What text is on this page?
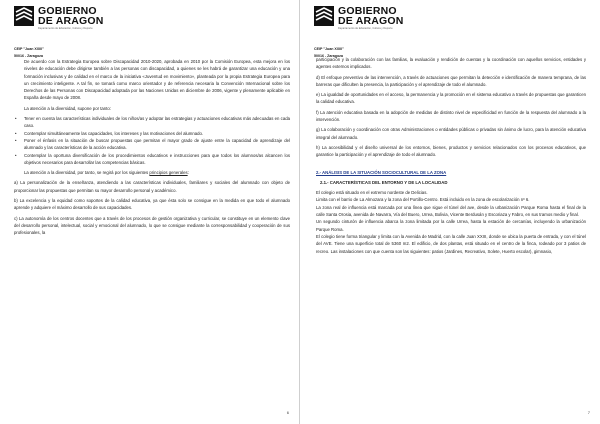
GOBIERNO
DE ARAGON
Departamento de Educación, Cultura y Deporte
CEIP "Juan XXIII"
50016 - Zaragoza

De acuerdo con la Estrategia Europea sobre Discapacidad 2010-2020, aprobada en 2010 por la Comisión Europea, esta mejora en los niveles de educación debe dirigirse también a las personas con discapacidad, a quienes se les habrá de garantizar una educación y una formación inclusivas y de calidad en el marco de la iniciativa «Juventud en movimiento», planteada por la propia Estrategia Europea para un crecimiento inteligente. A tal fin, se tomará como marco orientador y de referencia necesaria la Convención Internacional sobre los Derechos de las Personas con Discapacidad adoptada por las Naciones Unidas en diciembre de 2006, vigente y plenamente aplicable en España desde mayo de 2008.

La atención a la diversidad, supone por tanto:

• Tener en cuenta las características individuales de los niños/as y adoptar las estrategias y actuaciones educativas más adecuadas en cada caso.
• Contemplar simultáneamente las capacidades, los intereses y las motivaciones del alumnado.
• Poner el énfasis en la situación de buscar propuestas que permitan el mayor grado de ajuste entre la capacidad de aprendizaje del alumnado y las características de la acción educativa.
• Contemplar la oportuna diversificación de los procedimientos educativos e instrucciones para que todos los alumnos/as alcancen los objetivos necesarios para desarrollar las competencias básicas.

La atención a la diversidad, por tanto, se regirá por los siguientes principios generales:

a) La personalización de la enseñanza, atendiendo a las características individuales, familiares y sociales del alumnado con objeto de proporcionar las propuestas que permitan su mayor desarrollo personal y académico.

b) La excelencia y la equidad como soportes de la calidad educativa, ya que ésta solo se consigue en la medida en que todo el alumnado aprende y adquiere el máximo desarrollo de sus capacidades.

c) La autonomía de los centros docentes que a través de los procesos de gestión organizativa y curricular, se constituye en un elemento clave del desarrollo personal, intelectual, social y emocional del alumnado, lo que se consigue mediante la corresponsabilidad y cooperación de sus profesionales, la

6
GOBIERNO
DE ARAGON
Departamento de Educación, Cultura y Deporte
CEIP "Juan XXIII"
50016 - Zaragoza

participación y la colaboración con las familias, la evaluación y rendición de cuentas y la coordinación con aquellos servicios, entidades y agentes externos implicados.

d) El enfoque preventivo de las intervención, a través de actuaciones que permitan la detección e identificación de manera temprana, de las barreras que dificulten la presencia, la participación y el aprendizaje de todo el alumnado.

e) La igualdad de oportunidades en el acceso, la permanencia y la promoción en el sistema educativo a través de propuestas que garanticen la calidad educativa.

f) La atención educativa basada en la adopción de medidas de distinto nivel de especificidad en función de la respuesta del alumnado a la intervención.

g) La colaboración y coordinación con otras Administraciones o entidades públicas o privadas sin ánimo de lucro, para la atención educativa integral del alumnado.

h) La accesibilidad y el diseño universal de los entornos, bienes, productos y servicios relacionados con los procesos educativos, que garantice la participación y el aprendizaje de todo el alumnado.

2.- ANÁLISIS DE LA SITUACIÓN SOCIOCULTURAL DE LA ZONA

2.1.- CARACTERÍSTICAS DEL ENTORNO Y DE LA LOCALIDAD

El colegio está situado en el extremo nordeste de Delicias.

Limita con el barrio de La Almozara y la zona del Portillo-Centro. Está incluido en la zona de escolarización nº 6.

La zona real de influencia está marcada por una línea que sigue el túnel del ave, desde la urbanización Parque Roma hasta el final de la calle Santa Orosia, avenida de Navarra, Vía del Buero, Urrea, Bolivia, Vicente Berdusán y Escoriaza y Fabro, en sus tramos medio y final.

Un segundo cinturón de influencia abarca la zona limitada por la calle Urrea, hasta la estación de cercanías, incluyendo la urbanización Parque Roma.

El colegio tiene forma triangular y limita con la Avenida de Madrid, con la calle Juan XXIII, donde se ubica la puerta de entrada, y con el túnel del AVE. Tiene una superficie total de 5360 m2. El edificio, de dos plantas, está situado en el centro de la finca, rodeado por 3 patios de recreo. Las instalaciones con que cuenta son las siguientes: patios (Jardines, Recreativo, Solete, Huerto escolar), gimnasio,

7
